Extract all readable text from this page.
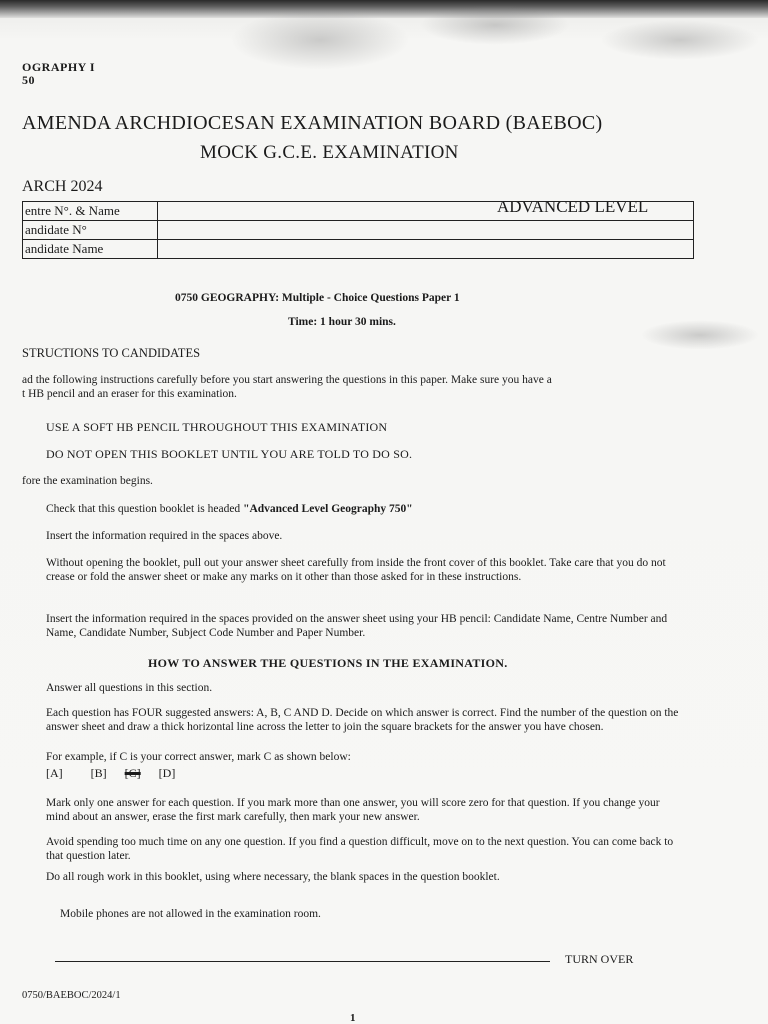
OGRAPHY I
50
AMENDA ARCHDIOCESAN EXAMINATION BOARD (BAEBOC)
MOCK G.C.E. EXAMINATION
ARCH 2024
ADVANCED LEVEL
entre N°. & Name	
andidate N°	
andidate Name	
0750 GEOGRAPHY: Multiple - Choice Questions Paper 1
Time: 1 hour 30 mins.
STRUCTIONS TO CANDIDATES
ad the following instructions carefully before you start answering the questions in this paper. Make sure you have a
t HB pencil and an eraser for this examination.
USE A SOFT HB PENCIL THROUGHOUT THIS EXAMINATION
DO NOT OPEN THIS BOOKLET UNTIL YOU ARE TOLD TO DO SO.
fore the examination begins.
Check that this question booklet is headed "Advanced Level Geography 750"
Insert the information required in the spaces above.
Without opening the booklet, pull out your answer sheet carefully from inside the front cover of this booklet. Take care that you do not crease or fold the answer sheet or make any marks on it other than those asked for in these instructions.
Insert the information required in the spaces provided on the answer sheet using your HB pencil: Candidate Name, Centre Number and Name, Candidate Number, Subject Code Number and Paper Number.
HOW TO ANSWER THE QUESTIONS IN THE EXAMINATION.
Answer all questions in this section.
Each question has FOUR suggested answers: A, B, C AND D. Decide on which answer is correct. Find the number of the question on the answer sheet and draw a thick horizontal line across the letter to join the square brackets for the answer you have chosen.
For example, if C is your correct answer, mark C as shown below:
[A] [B] [C] [D]
Mark only one answer for each question. If you mark more than one answer, you will score zero for that question. If you change your mind about an answer, erase the first mark carefully, then mark your new answer.
Avoid spending too much time on any one question. If you find a question difficult, move on to the next question. You can come back to that question later.
Do all rough work in this booklet, using where necessary, the blank spaces in the question booklet.
Mobile phones are not allowed in the examination room.
TURN OVER
0750/BAEBOC/2024/1
1
